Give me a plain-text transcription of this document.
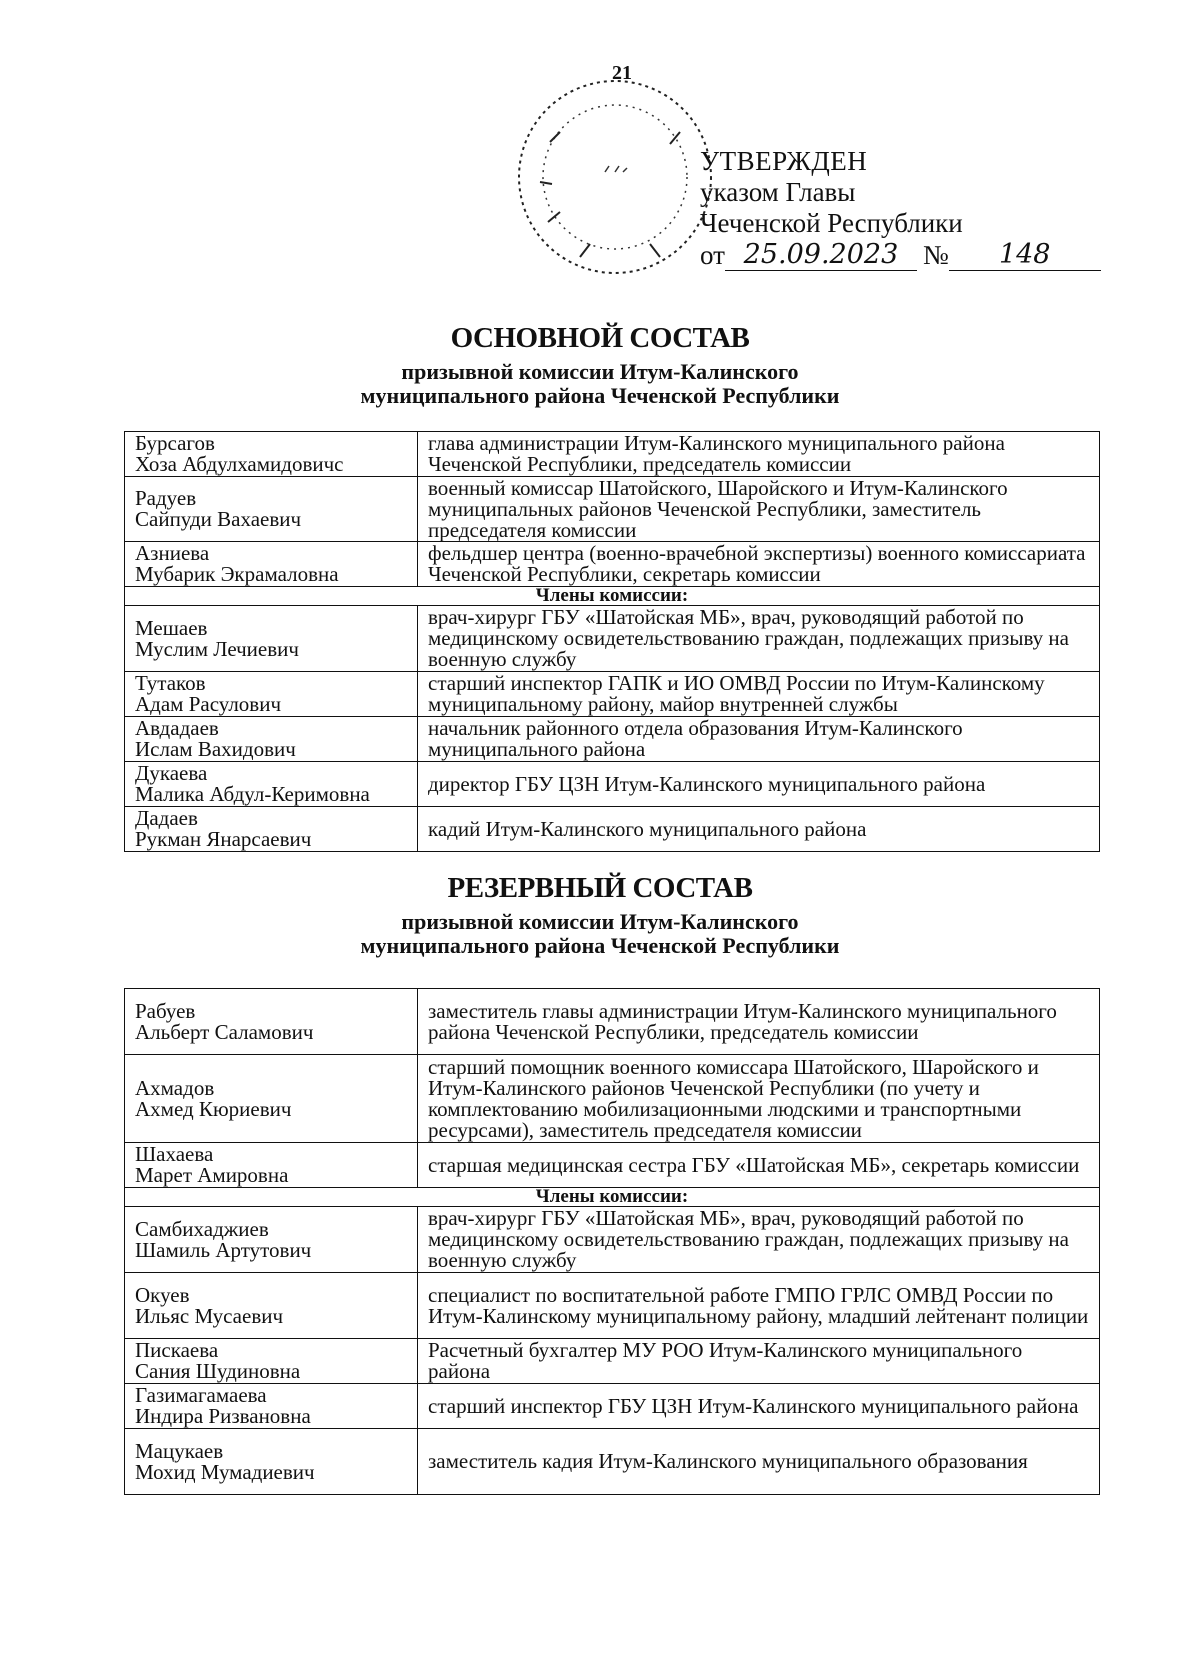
21
УТВЕРЖДЕН
указом Главы
Чеченской Республики
от 25.09.2023 №	148
ОСНОВНОЙ СОСТАВ
призывной комиссии Итум-Калинского
муниципального района Чеченской Республики
Бурсагов
Хоза Абдулхамидовичс	глава администрации Итум-Калинского муниципального района Чеченской Республики, председатель комиссии

Радуев
Сайпуди Вахаевич	военный комиссар Шатойского, Шаройского и Итум-Калинского муниципальных районов Чеченской Республики, заместитель председателя комиссии

Азниева
Мубарик Экрамаловна	фельдшер центра (военно-врачебной экспертизы) военного комиссариата Чеченской Республики, секретарь комиссии
Члены комиссии:	

Мешаев
Муслим Лечиевич	врач-хирург ГБУ «Шатойская МБ», врач, руководящий работой по медицинскому освидетельствованию граждан, подлежащих призыву на военную службу

Тутаков
Адам Расулович	старший инспектор ГАПК и ИО ОМВД России по Итум-Калинскому муниципальному району, майор внутренней службы

Авдадаев
Ислам Вахидович	начальник районного отдела образования Итум-Калинского муниципального района

Дукаева
Малика Абдул-Керимовна	директор ГБУ ЦЗН Итум-Калинского муниципального района

Дадаев
Рукман Янарсаевич	кадий Итум-Калинского муниципального района
РЕЗЕРВНЫЙ СОСТАВ
призывной комиссии Итум-Калинского
муниципального района Чеченской Республики
Рабуев
Альберт Саламович	заместитель главы администрации Итум-Калинского муниципального района Чеченской Республики, председатель комиссии

Ахмадов
Ахмед Кюриевич	старший помощник военного комиссара Шатойского, Шаройского и Итум-Калинского районов Чеченской Республики (по учету и комплектованию мобилизационными людскими и транспортными ресурсами), заместитель председателя комиссии

Шахаева
Марет Амировна	старшая медицинская сестра ГБУ «Шатойская МБ», секретарь комиссии
Члены комиссии:	

Самбихаджиев
Шамиль Артутович	врач-хирург ГБУ «Шатойская МБ», врач, руководящий работой по медицинскому освидетельствованию граждан, подлежащих призыву на военную службу

Окуев
Ильяс Мусаевич	специалист по воспитательной работе ГМПО ГРЛС ОМВД России по Итум-Калинскому муниципальному району, младший лейтенант полиции

Пискаева
Сания Шудиновна	Расчетный бухгалтер МУ РОО Итум-Калинского муниципального района

Газимагамаева
Индира Ризвановна	старший инспектор ГБУ ЦЗН Итум-Калинского муниципального района

Мацукаев
Мохид Мумадиевич	заместитель кадия Итум-Калинского муниципального образования
